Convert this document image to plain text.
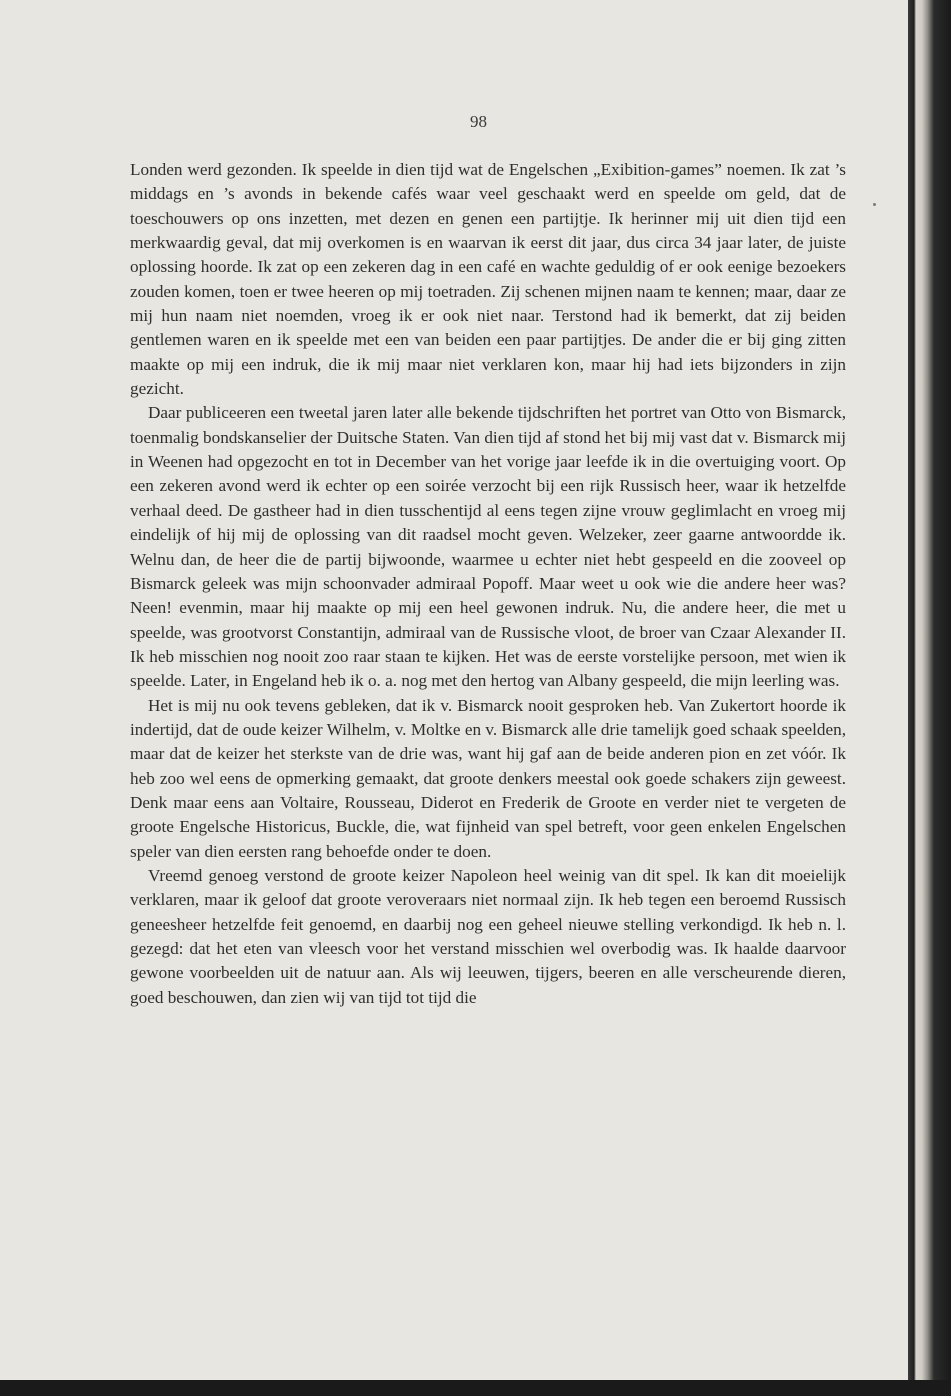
98

Londen werd gezonden. Ik speelde in dien tijd wat de Engelschen „Exibition-games” noemen. Ik zat ’s middags en ’s avonds in bekende cafés waar veel geschaakt werd en speelde om geld, dat de toeschouwers op ons inzetten, met dezen en genen een partijtje. Ik herinner mij uit dien tijd een merkwaardig geval, dat mij overkomen is en waarvan ik eerst dit jaar, dus circa 34 jaar later, de juiste oplossing hoorde. Ik zat op een zekeren dag in een café en wachte geduldig of er ook eenige bezoekers zouden komen, toen er twee heeren op mij toetraden. Zij schenen mijnen naam te kennen; maar, daar ze mij hun naam niet noemden, vroeg ik er ook niet naar. Terstond had ik bemerkt, dat zij beiden gentlemen waren en ik speelde met een van beiden een paar partijtjes. De ander die er bij ging zitten maakte op mij een indruk, die ik mij maar niet verklaren kon, maar hij had iets bijzonders in zijn gezicht.

Daar publiceeren een tweetal jaren later alle bekende tijdschriften het portret van Otto von Bismarck, toenmalig bondskanselier der Duitsche Staten. Van dien tijd af stond het bij mij vast dat v. Bismarck mij in Weenen had opgezocht en tot in December van het vorige jaar leefde ik in die overtuiging voort. Op een zekeren avond werd ik echter op een soirée verzocht bij een rijk Russisch heer, waar ik hetzelfde verhaal deed. De gastheer had in dien tusschentijd al eens tegen zijne vrouw geglimlacht en vroeg mij eindelijk of hij mij de oplossing van dit raadsel mocht geven. Welzeker, zeer gaarne antwoordde ik. Welnu dan, de heer die de partij bijwoonde, waarmee u echter niet hebt gespeeld en die zooveel op Bismarck geleek was mijn schoonvader admiraal Popoff. Maar weet u ook wie die andere heer was? Neen! evenmin, maar hij maakte op mij een heel gewonen indruk. Nu, die andere heer, die met u speelde, was grootvorst Constantijn, admiraal van de Russische vloot, de broer van Czaar Alexander II. Ik heb misschien nog nooit zoo raar staan te kijken. Het was de eerste vorstelijke persoon, met wien ik speelde. Later, in Engeland heb ik o. a. nog met den hertog van Albany gespeeld, die mijn leerling was.

Het is mij nu ook tevens gebleken, dat ik v. Bismarck nooit gesproken heb. Van Zukertort hoorde ik indertijd, dat de oude keizer Wilhelm, v. Moltke en v. Bismarck alle drie tamelijk goed schaak speelden, maar dat de keizer het sterkste van de drie was, want hij gaf aan de beide anderen pion en zet vóór. Ik heb zoo wel eens de opmerking gemaakt, dat groote denkers meestal ook goede schakers zijn geweest. Denk maar eens aan Voltaire, Rousseau, Diderot en Frederik de Groote en verder niet te vergeten de groote Engelsche Historicus, Buckle, die, wat fijnheid van spel betreft, voor geen enkelen Engelschen speler van dien eersten rang behoefde onder te doen.

Vreemd genoeg verstond de groote keizer Napoleon heel weinig van dit spel. Ik kan dit moeielijk verklaren, maar ik geloof dat groote veroveraars niet normaal zijn. Ik heb tegen een beroemd Russisch geneesheer hetzelfde feit genoemd, en daarbij nog een geheel nieuwe stelling verkondigd. Ik heb n. l. gezegd: dat het eten van vleesch voor het verstand misschien wel overbodig was. Ik haalde daarvoor gewone voorbeelden uit de natuur aan. Als wij leeuwen, tijgers, beeren en alle verscheurende dieren, goed beschouwen, dan zien wij van tijd tot tijd die
